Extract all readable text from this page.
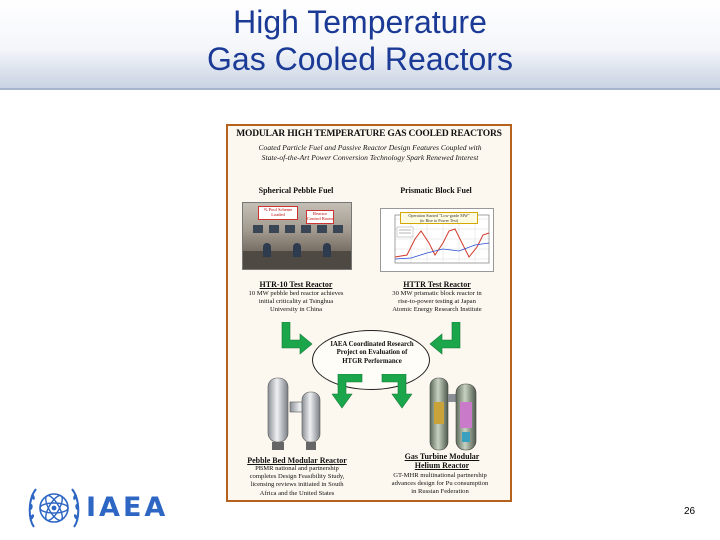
High Temperature
Gas Cooled Reactors
MODULAR HIGH TEMPERATURE GAS COOLED REACTORS
Coated Particle Fuel and Passive Reactor Design Features Coupled with
State-of-the-Art Power Conversion Technology Spark Renewed Interest
Spherical Pebble Fuel	Prismatic Block Fuel
% Pool Scheme Loaded	Reactor Control Room
Operation Started "Low-grade MW"
(to Rise to Power Test)
HTR-10 Test Reactor
10 MW pebble bed reactor achieves
initial criticality at Tsinghua
University in China
HTTR Test Reactor
30 MW prismatic block reactor in
rise-to-power testing at Japan
Atomic Energy Research Institute
IAEA Coordinated Research
Project on Evaluation of
HTGR Performance
Pebble Bed Modular Reactor
PBMR national and partnership
completes Design Feasibility Study,
licensing reviews initiated in South
Africa and the United States
Gas Turbine Modular Helium Reactor
GT-MHR multinational partnership
advances design for Pu consumption
in Russian Federation
IAEA	26
